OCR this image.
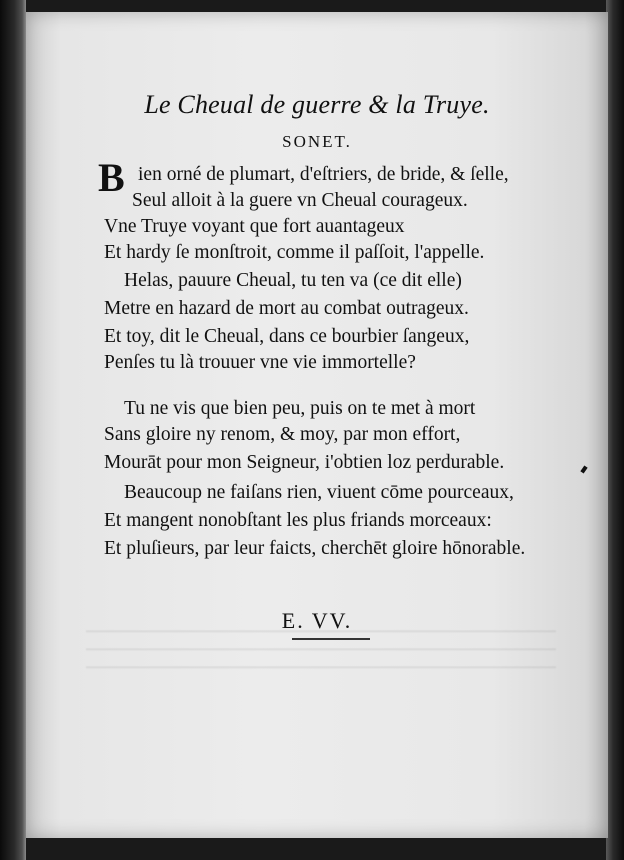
Le Cheual de guerre & la Truye.
SONET.
B ien orné de plumart, d'eſtriers, de bride, & ſelle,
Seul alloit à la guere vn Cheual courageux.
Vne Truye voyant que fort auantageux
Et hardy ſe monſtroit, comme il paſſoit, l'appelle.
Helas, pauure Cheual, tu ten va (ce dit elle)
Metre en hazard de mort au combat outrageux.
Et toy, dit le Cheual, dans ce bourbier ſangeux,
Penſes tu là trouuer vne vie immortelle?
Tu ne vis que bien peu, puis on te met à mort
Sans gloire ny renom, & moy, par mon effort,
Mourāt pour mon Seigneur, i'obtien loz perdurable.
Beaucoup ne faiſans rien, viuent cōme pourceaux,
Et mangent nonobſtant les plus friands morceaux:
Et pluſieurs, par leur faicts, cherchēt gloire hōnorable.
E. VV.
